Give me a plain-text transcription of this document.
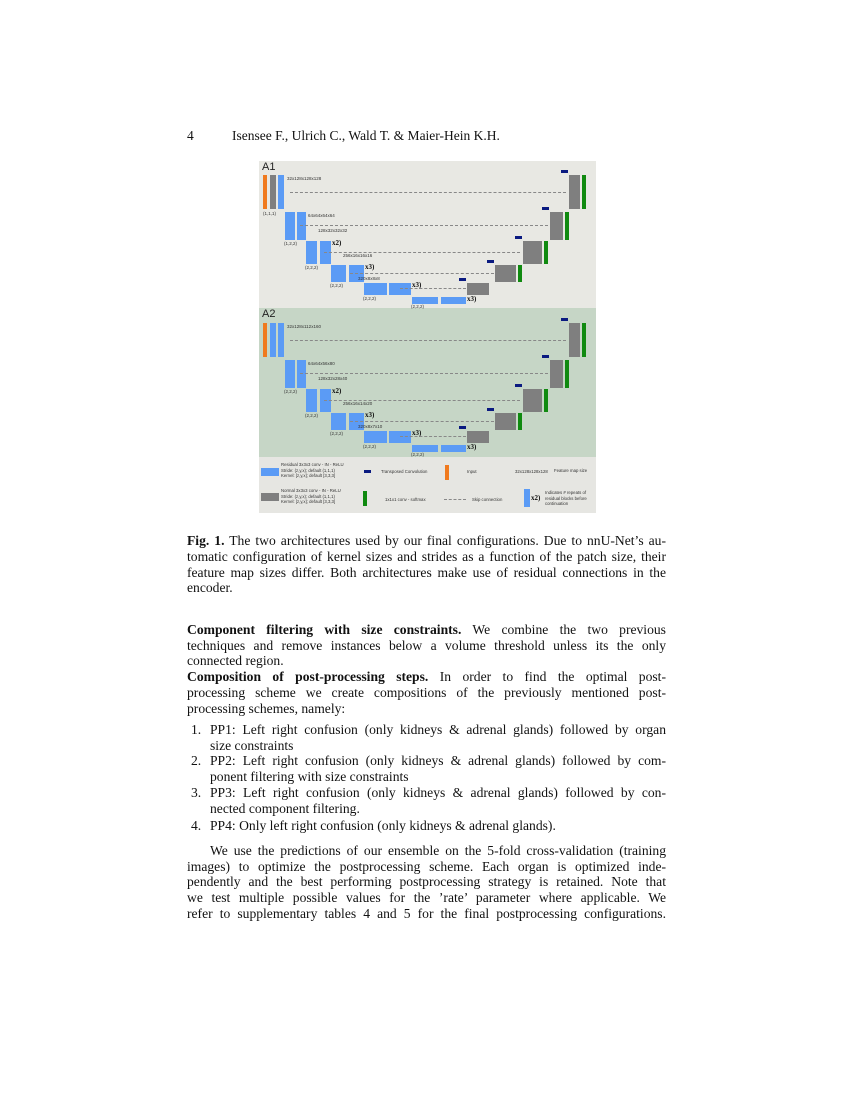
4	Isensee F., Ulrich C., Wald T. & Maier-Hein K.H.
A1
(1,2,2)
(2,2,2)
x2)
(2,2,2)
x3)
(2,2,2)
x3)
(2,2,2)
x3)
32x128x128x128
64x64x64x64
128x32x32x32
256x16x16x16
320x8x8x8
(1,1,1)
A2
(2,2,2)
(2,2,2)
x2)
(2,2,2)
x3)
(2,2,2)
x3)
(2,2,2)
x3)
32x128x112x160
64x64x56x80
128x32x28x40
256x16x14x20
320x8x7x10
Residual 3x3x3 conv - IN - ReLU
Stride: (z,y,x); default (1,1,1)
Kernel: [z,y,x]; default [3,3,3]
Normal 3x3x3 conv - IN - ReLU
Stride: (z,y,x); default (1,1,1)
Kernel: [z,y,x]; default [3,3,3]
Transposed Convolution	Input	32x128x128x128 Feature map size
1x1x1 conv - softmax	Skip connection	x2)
Indicates # repeats of
residual blocks before
continuation
Fig. 1. The two architectures used by our final configurations. Due to nnU-Net’s au-
tomatic configuration of kernel sizes and strides as a function of the patch size, their
feature map sizes differ. Both architectures make use of residual connections in the
encoder.
Component filtering with size constraints. We combine the two previous
techniques and remove instances below a volume threshold unless its the only
connected region.
Composition of post-processing steps. In order to find the optimal post-
processing scheme we create compositions of the previously mentioned post-
processing schemes, namely:
PP1: Left right confusion (only kidneys & adrenal glands) followed by organ
1.
size constraints
PP2: Left right confusion (only kidneys & adrenal glands) followed by com-
2.
ponent filtering with size constraints
PP3: Left right confusion (only kidneys & adrenal glands) followed by con-
3.
nected component filtering.
PP4: Only left right confusion (only kidneys & adrenal glands).
4.
We use the predictions of our ensemble on the 5-fold cross-validation (training
images) to optimize the postprocessing scheme. Each organ is optimized inde-
pendently and the best performing postprocessing strategy is retained. Note that
we test multiple possible values for the ’rate’ parameter where applicable. We
refer to supplementary tables 4 and 5 for the final postprocessing configurations.
